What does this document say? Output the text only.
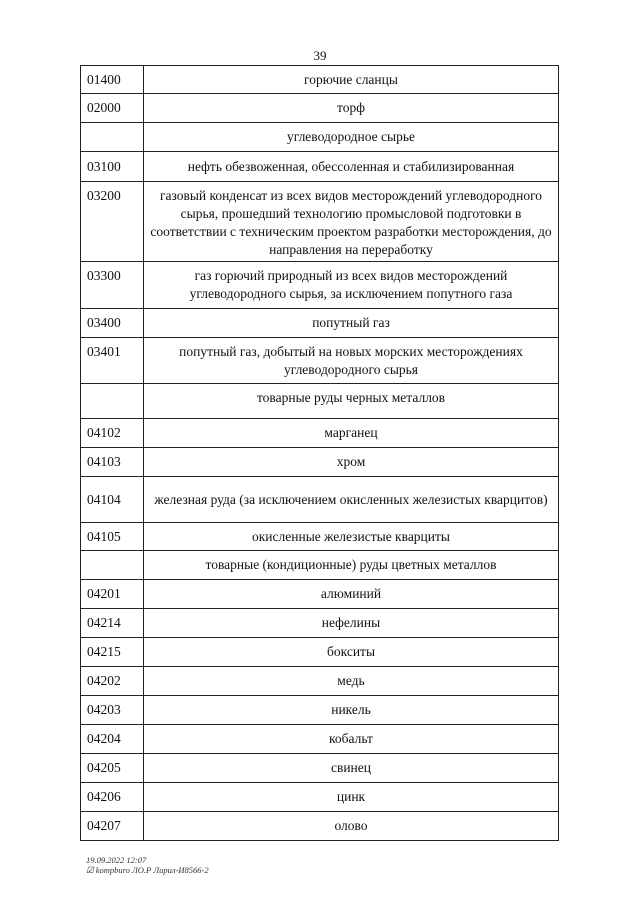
39
01400	горючие сланцы
02000	торф
	углеводородное сырье
03100	нефть обезвоженная, обессоленная и стабилизированная
03200	газовый конденсат из всех видов месторождений углеводородного сырья, прошедший технологию промысловой подготовки в соответствии с техническим проектом разработки месторождения, до направления на переработку
03300	газ горючий природный из всех видов месторождений углеводородного сырья, за исключением попутного газа
03400	попутный газ
03401	попутный газ, добытый на новых морских месторождениях углеводородного сырья
	товарные руды черных металлов
04102	марганец
04103	хром
04104	железная руда (за исключением окисленных железистых кварцитов)
04105	окисленные железистые кварциты
	товарные (кондиционные) руды цветных металлов
04201	алюминий
04214	нефелины
04215	бокситы
04202	медь
04203	никель
04204	кобальт
04205	свинец
04206	цинк
04207	олово
19.09.2022 12:07
☑ kompburo ЛО.Р Лирuл-И8566-2
